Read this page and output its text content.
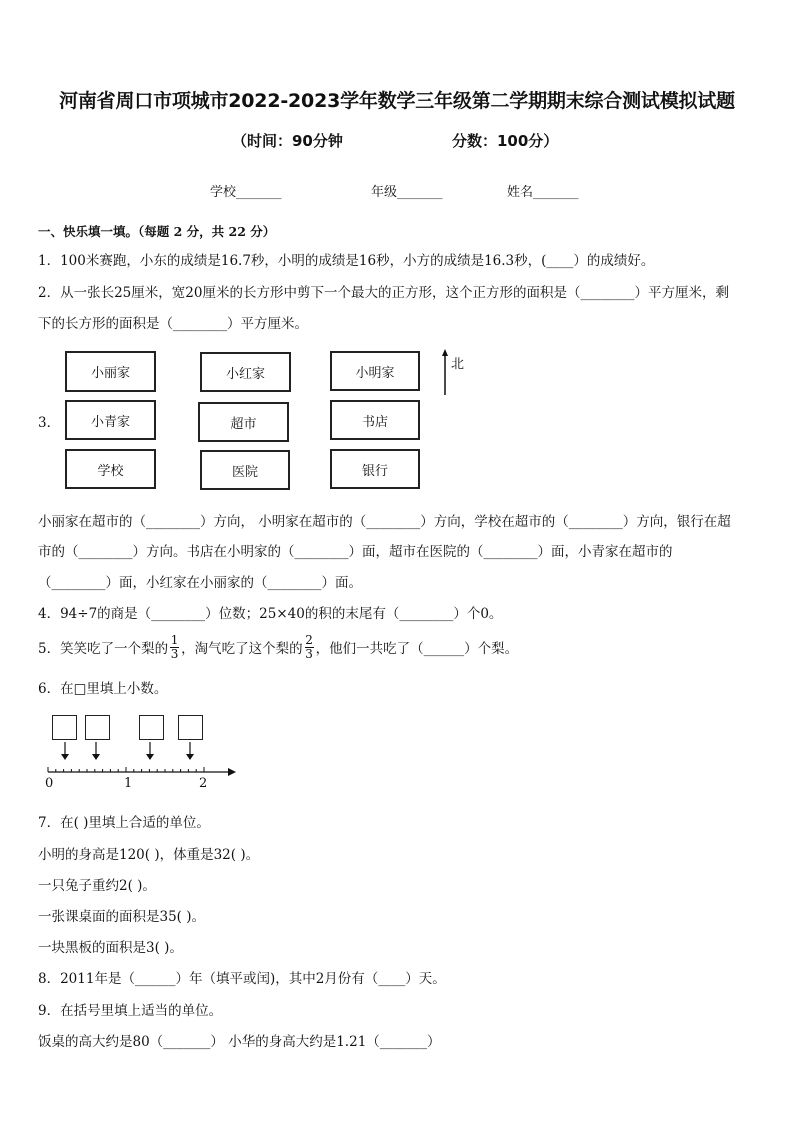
河南省周口市项城市2022-2023学年数学三年级第二学期期末综合测试模拟试题
（时间：90分钟	分数：100分）
学校_______	年级_______	姓名_______
一、快乐填一填。（每题 2 分，共 22 分）
1．100米赛跑，小东的成绩是16.7秒，小明的成绩是16秒，小方的成绩是16.3秒，(____）的成绩好。
2．从一张长25厘米，宽20厘米的长方形中剪下一个最大的正方形，这个正方形的面积是（________）平方厘米，剩
下的长方形的面积是（________）平方厘米。
3．
小丽家	小红家	小明家
小青家	超市	书店
学校	医院	银行
北
小丽家在超市的（________）方向， 小明家在超市的（________）方向，学校在超市的（________）方向，银行在超
市的（________）方向。书店在小明家的（________）面，超市在医院的（________）面，小青家在超市的
（________）面，小红家在小丽家的（________）面。
4．94÷7的商是（________）位数；25×40的积的末尾有（________）个0。
5．笑笑吃了一个梨的 $\frac{1}{3}$ ，淘气吃了这个梨的 $\frac{2}{3}$ ，他们一共吃了（______）个梨。
6．在□里填上小数。
0	1	2
7．在( )里填上合适的单位。
小明的身高是120( )，体重是32( )。
一只兔子重约2( )。
一张课桌面的面积是35( )。
一块黑板的面积是3( )。
8．2011年是（______）年（填平或闰)，其中2月份有（____）天。
9．在括号里填上适当的单位。
饭桌的高大约是80（_______） 小华的身高大约是1.21（_______）
